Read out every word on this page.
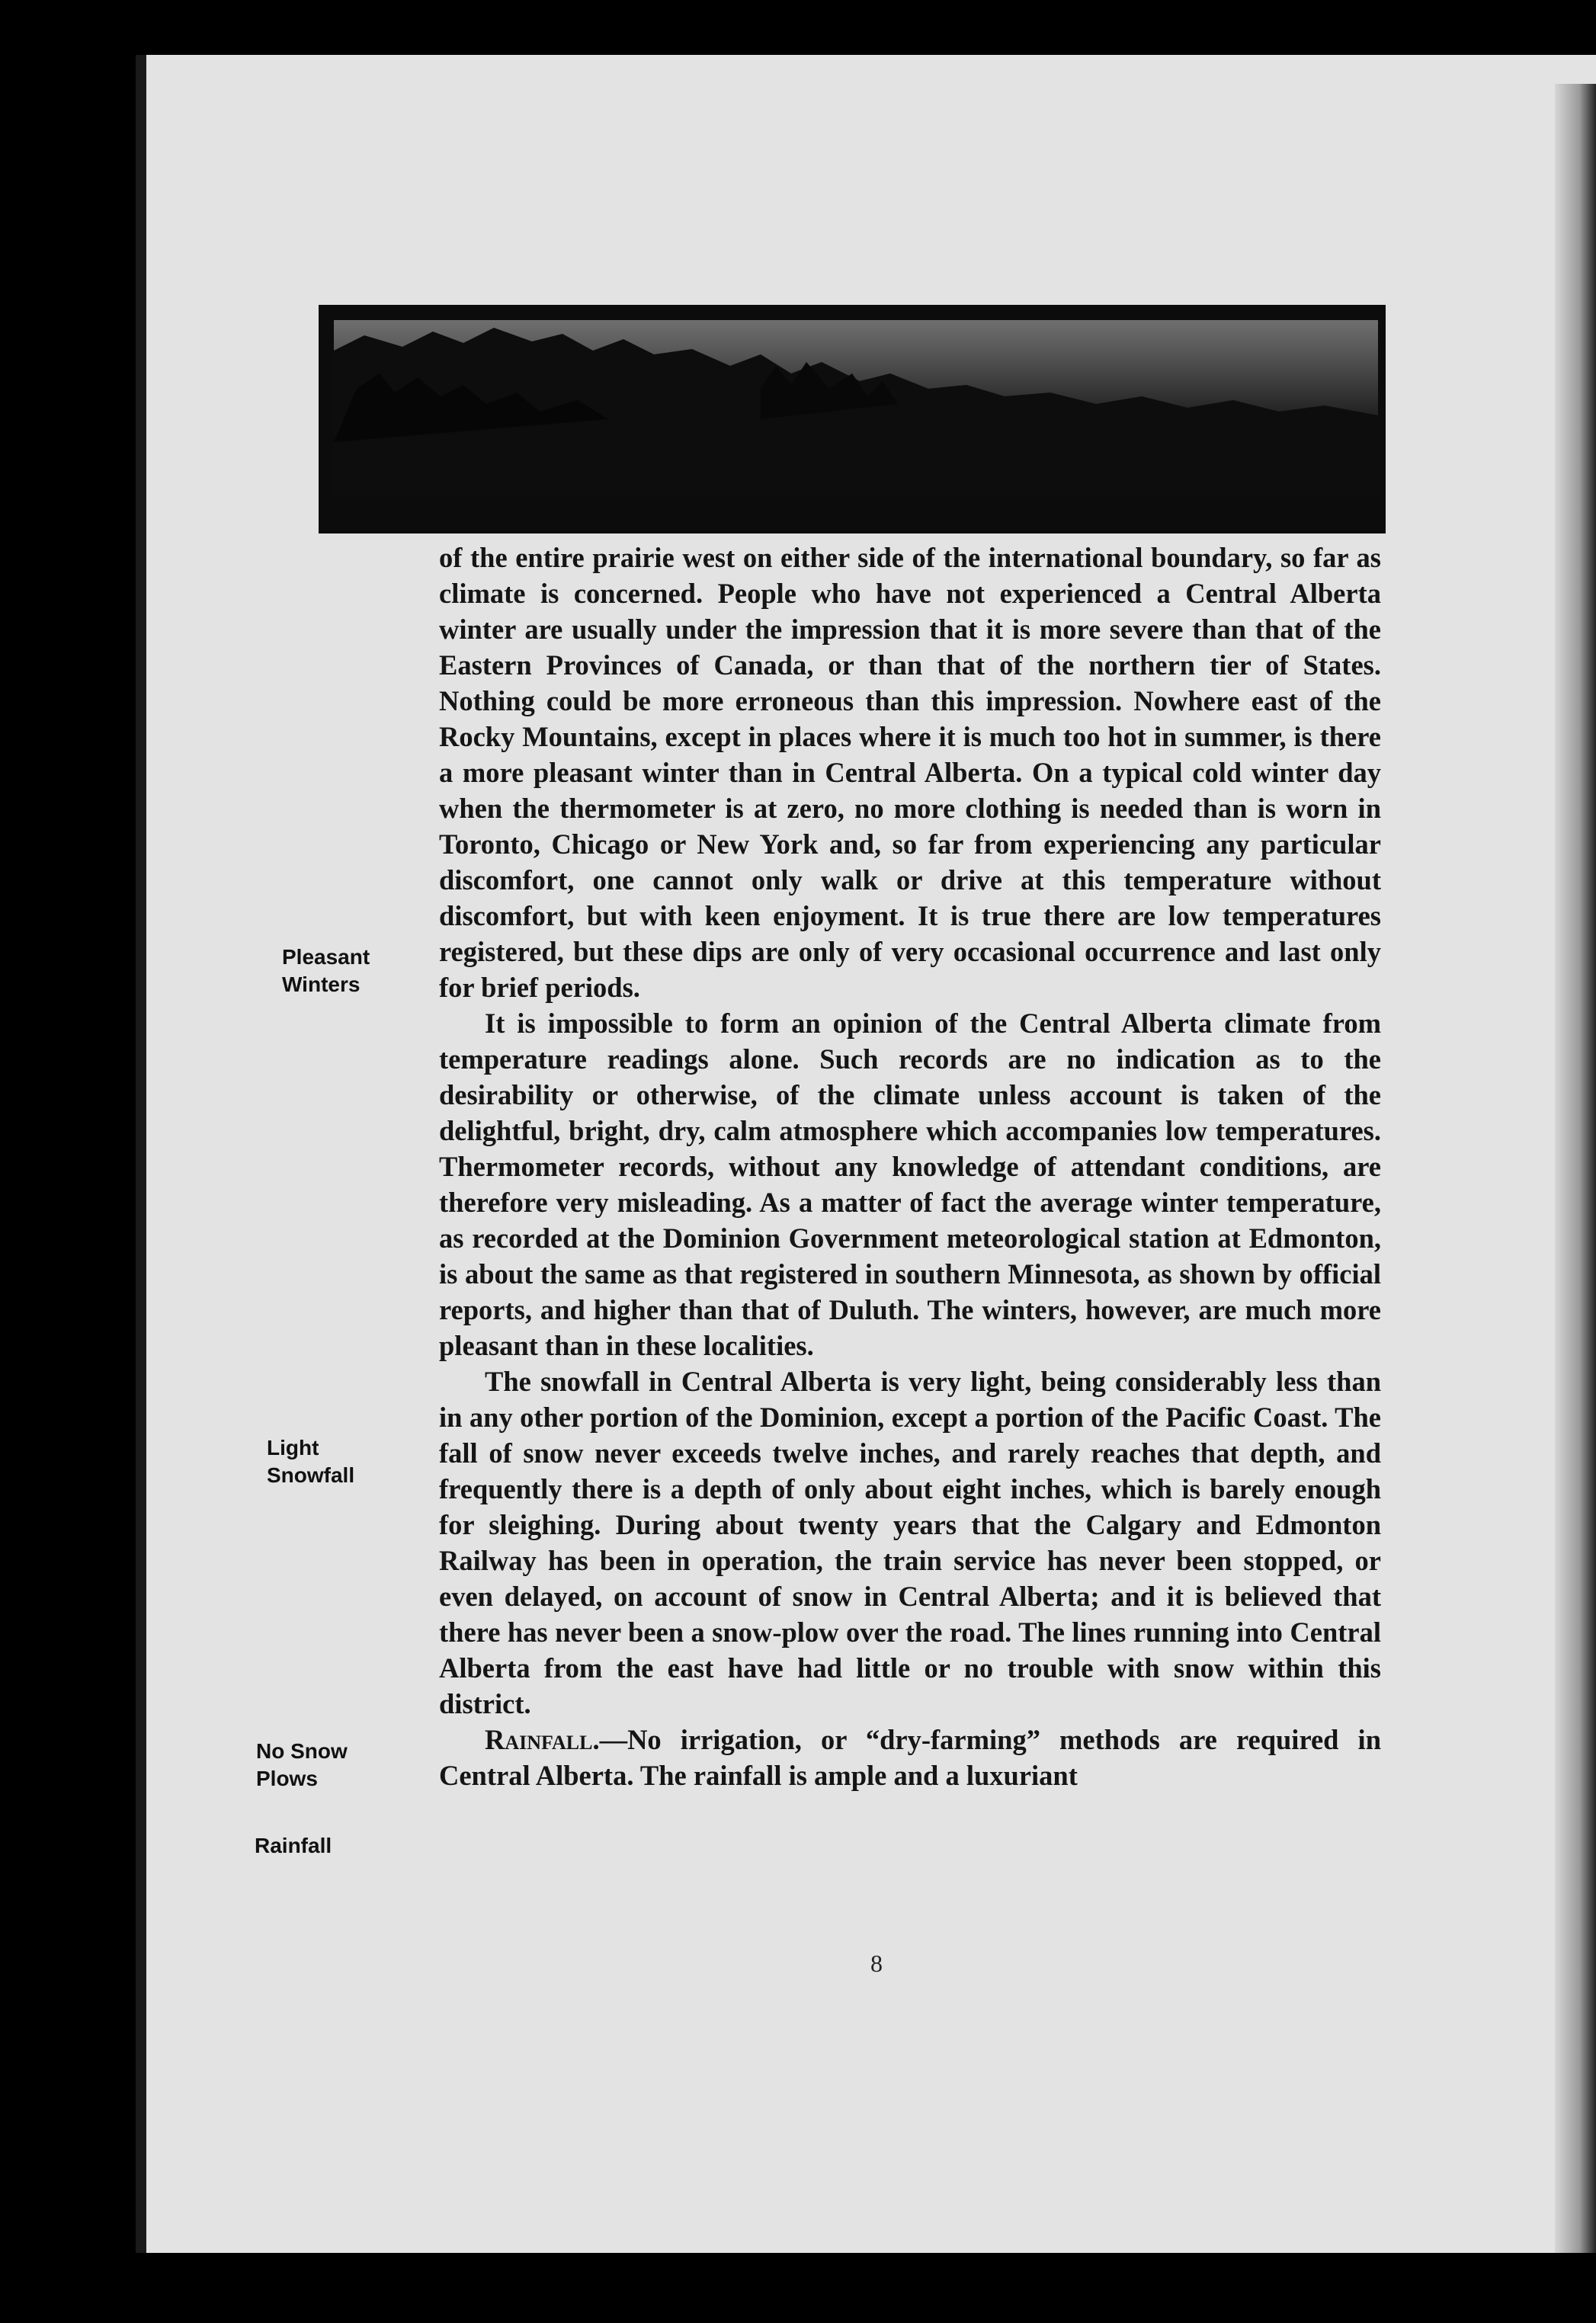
of the entire prairie west on either side of the international boundary, so far as climate is concerned. People who have not experienced a Central Alberta winter are usually under the impression that it is more severe than that of the Eastern Provinces of Canada, or than that of the northern tier of States. Nothing could be more erroneous than this impression. Nowhere east of the Rocky Mountains, except in places where it is much too hot in summer, is there a more pleasant winter than in Central Alberta. On a typical cold winter day when the thermometer is at zero, no more clothing is needed than is worn in Toronto, Chicago or New York and, so far from experiencing any particular discomfort, one cannot only walk or drive at this temperature without discomfort, but with keen enjoyment. It is true there are low temperatures registered, but these dips are only of very occasional occurrence and last only for brief periods.

It is impossible to form an opinion of the Central Alberta climate from temperature readings alone. Such records are no indication as to the desirability or otherwise, of the climate unless account is taken of the delightful, bright, dry, calm atmosphere which accompanies low temperatures. Thermometer records, without any knowledge of attendant conditions, are therefore very misleading. As a matter of fact the average winter temperature, as recorded at the Dominion Government meteorological station at Edmonton, is about the same as that registered in southern Minnesota, as shown by official reports, and higher than that of Duluth. The winters, however, are much more pleasant than in these localities.

The snowfall in Central Alberta is very light, being considerably less than in any other portion of the Dominion, except a portion of the Pacific Coast. The fall of snow never exceeds twelve inches, and rarely reaches that depth, and frequently there is a depth of only about eight inches, which is barely enough for sleighing. During about twenty years that the Calgary and Edmonton Railway has been in operation, the train service has never been stopped, or even delayed, on account of snow in Central Alberta; and it is believed that there has never been a snow-plow over the road. The lines running into Central Alberta from the east have had little or no trouble with snow within this district.

Rainfall.—No irrigation, or “dry-farming” methods are required in Central Alberta. The rainfall is ample and a luxuriant

Pleasant Winters
Light Snowfall
No Snow Plows
Rainfall
8
